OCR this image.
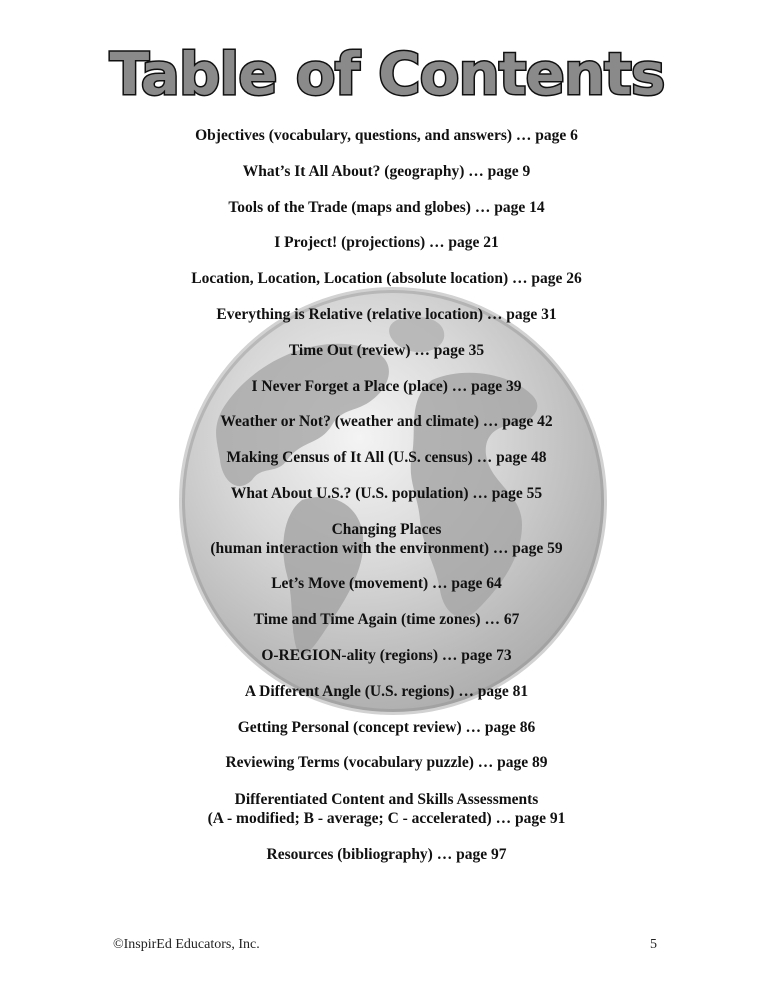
Table of Contents
Objectives (vocabulary, questions, and answers) … page 6
What’s It All About? (geography) … page 9
Tools of the Trade (maps and globes) … page 14
I Project! (projections) … page 21
Location, Location, Location (absolute location) … page 26
Everything is Relative (relative location) … page 31
Time Out (review) … page 35
I Never Forget a Place (place) … page 39
Weather or Not? (weather and climate) … page 42
Making Census of It All (U.S. census) … page 48
What About U.S.? (U.S. population) … page 55
Changing Places
(human interaction with the environment) … page 59
Let’s Move (movement) … page 64
Time and Time Again (time zones) … 67
O-REGION-ality (regions) … page 73
A Different Angle (U.S. regions) … page 81
Getting Personal (concept review) … page 86
Reviewing Terms (vocabulary puzzle) … page 89
Differentiated Content and Skills Assessments
(A - modified; B - average; C - accelerated) … page 91
Resources (bibliography) … page 97
©InspirEd Educators, Inc.	5
